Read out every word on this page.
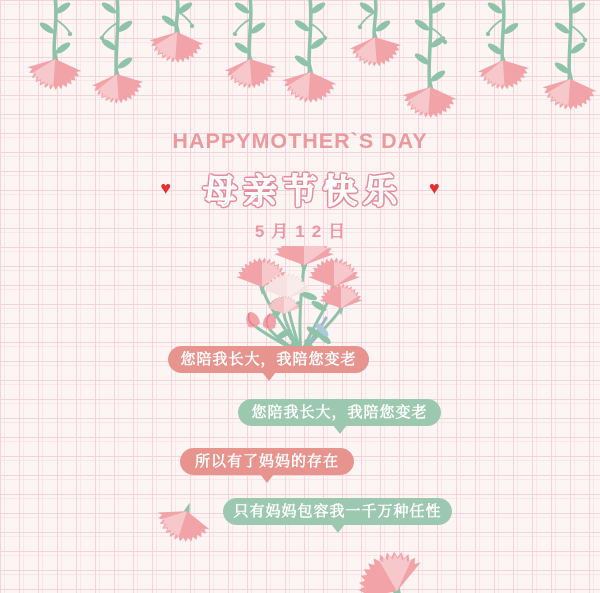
HAPPYMOTHER`S DAY
♥ 母亲节快乐 ♥
5月12日
您陪我长大，我陪您变老
您陪我长大，我陪您变老
所以有了妈妈的存在
只有妈妈包容我一千万种任性
